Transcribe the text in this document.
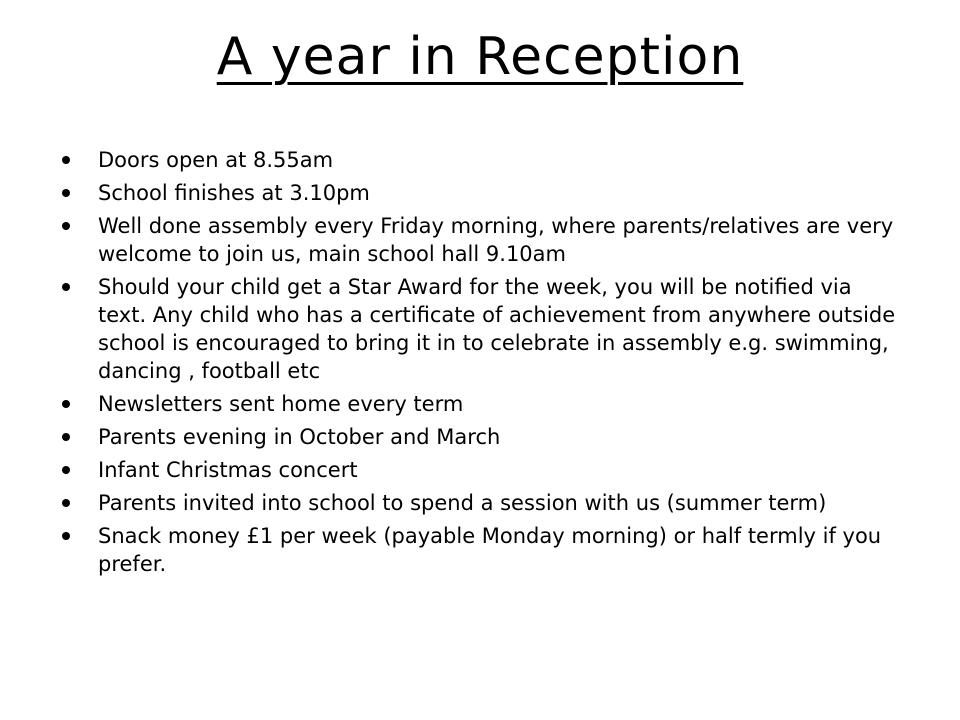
A year in Reception
Doors open at 8.55am
School finishes at 3.10pm
Well done assembly every Friday morning, where parents/relatives are very welcome to join us, main school hall 9.10am
Should your child get a Star Award for the week, you will be notified via text. Any child who has a certificate of achievement from anywhere outside school is encouraged to bring it in to celebrate in assembly e.g. swimming, dancing , football etc
Newsletters sent home every term
Parents evening in October and March
Infant Christmas concert
Parents invited into school to spend a session with us (summer term)
Snack money £1 per week (payable Monday morning) or half termly if you prefer.
